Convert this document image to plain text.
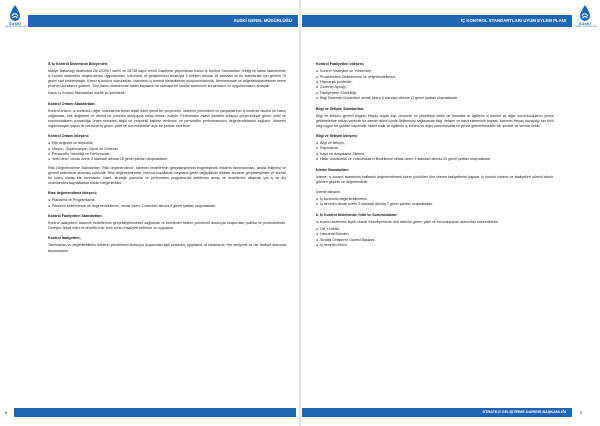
SUSKİ
GENEL MÜDÜRLÜĞÜ
SUSKİ GENEL MÜDÜRLÜĞÜ	İÇ KONTROL STANDARTLARI UYUM EYLEM PLANI
SUSKİ
GENEL MÜDÜRLÜĞÜ
5. İç Kontrol Sisteminin Bileşenleri:

Maliye Bakanlığı tarafından 26/12/2007 tarihli ve 26738 sayılı resmi Gazetede yayımlanan Kamu İç Kontrol Standartları Tebliği ile kamu idarelerinde iç kontrol sisteminin oluşturulması uygulanması, izlenmesi ve geliştirilmesi amacıyla 5 bileşen altında 18 standart ve bu standartlar için gerekli 79 genel şart belirlenmiştir. Kamu iç kontrol standartları, idarelerin iç kontrol sistemlerinin oluşturulmasında, izlenmesinde ve değerlendirilmesinde temel yönetim kurallarını gösterir. Tüm kamu idarelerinde tutarlı kapsamlı ve standart bir kontrol sisteminin kurulmasını ve uygulanmasını amaçlar.

Kamu İç Kontrol Standartları özetle şu şekildedir:

Kontrol Ortamı Standartları:

Kontrol ortamı, iç kontrolün diğer unsurlarına temel teşkil eden genel bir çerçevedir. İdarenin yöneticileri ve çalışanlarının iç kontrole olumlu bir bakış sağlaması, etik değerlere ve dürüst bir yönetim anlayışına sahip olması esastır. Performans esaslı yönetim anlayışı çerçevesinde görev, yetki ve sorumlulukların uzmanlığa önem verilerek bilgili ve yetenekli kişilere verilmesi ve personelin performansının değerlendirilmesi sağlanır. İdarenin organizasyon yapısı ile personel iş görev, yetki ve sorumlulukları açık bir şekilde belirlenir.

Kontrol Ortamı bileşeni;
► Etik değerler ve dürüstlük,
► Misyon, Organizasyon Yapısı ve Görevler,
► Personelin Yeterliliği ve Performansı,
► Yetki devri, olmak üzere 4 standart altında 26 genel şarttan oluşmaktadır.

Risk Değerlendirme Standartları: Risk değerlendirme, idarenin hedeflerinin gerçekleşmesini engelleyecek risklerin tanımlanması, analiz edilmesi ve gerekli önlemlerin alınması sürecidir. Risk değerlendirmesi, mevcut koşullarda meydana gelen değişiklikler dikkate alınarak gerçekleştirilen ve sürekli bir süreç olarak ele alınmalıdır. İdare, stratejik planında ve performans programında belirlenen amaç ve hedeflerine ulaşmak için iç ve dış nedenlerden kaynaklanan riskleri değerlendirir.

Risk değerlendirme bileşeni;
► Planlama ve Programlama,
► Risklerin belirlenmesi ve değerlendirilmesi, olmak üzere 2 standart altında 8 genel şarttan oluşmaktadır.
Kontrol Faaliyetleri Standartları:

Kontrol faaliyetleri, idarenin hedeflerinin gerçekleştirilmesini sağlamak ve belirlenen riskleri yönetmek amacıyla oluşturulan politika ve prosedürlerdir. Örneğin; tespit edici ve düzeltici her türlü kontrol faaliyeti belirlenir ve uygulanır.

Kontrol faaliyetleri;

Tanımlanan ve değerlendirilen risklerin yönetilmesi amacıyla oluşturulan ilgili prosedür, uygulama ve kararlardır. Her seviyede ve her faaliyet alanında bulunmalıdır.

Kontrol Faaliyetleri bileşeni;
► Kontrol Stratejileri ve Yöntemleri,
► Prosedürlerin Belirlenmesi ve değerlendirilmesi,
► Hiyerarşik kontroller,
► Görevler Ayrılığı,
► Faaliyetlerin Sürekliliği,
► Bilgi Sistemleri kontrolleri olmak üzere 6 standart altında 11 genel şarttan oluşmaktadır.
Bilgi ve İletişim Standartları:

Bilgi ve iletişim, gerekli bilginin ihtiyaç duyan kişi, personel ve yöneticiye belirli bir formatta ve ilgililerin iç kontrol ve diğer sorumluluklarını yerine getirmelerine imkân verecek bir zaman dilimi içinde iletilmesini sağlayacak bilgi, iletişim ve kayıt sisteminin kapsar. İdarenin ihtiyaç duyacağı her türlü bilgi uygun bir şekilde kaydedilir, tasnif edilir ve ilgililerin iç kontrol ve diğer sorumluluklarını yerine getirebilecekleri bir şekilde ve sürede iletilir.

Bilgi ve İletişim bileşeni;
► Bilgi ve İletişim,
► Raporlama,
► Kayıt ve dosyalama Sistemi,
► Hata, Usulsüzlük ve Yolsuzlukların Bildirilmesi olmak üzere 4 standart altında 20 genel şarttan oluşmaktadır.
İzleme Standartları:

İzleme; iç kontrol sisteminin kalitesini değerlendirmek üzere yürütülen tüm izleme faaliyetlerini kapsar. İç kontrol sistemi ve faaliyetleri sürekli izlenir, gözden geçirilir ve değerlendirilir.

İzleme bileşeni;
► İç kontrolün değerlendirilmesi,
► İç denetim olmak üzere 2 standart altında 7 genel şarttan oluşmaktadır.
6. İç Kontrol Sisteminde Yetki ve Sorumluluklar:

İç kontrol sistemine ilişkin olarak Belediyemizde dört aktörün görev, yetki ve sorumlulukları alanından bahsedilebilir.

► Üst Yönetici,
► Harcama Birimleri,
► Strateji Geliştirme Dairesi Başkanı,
► İç denetim Birimi,
8	STRATEJİ GELİŞTİRME DAİRESİ BAŞKANLIĞI	9
